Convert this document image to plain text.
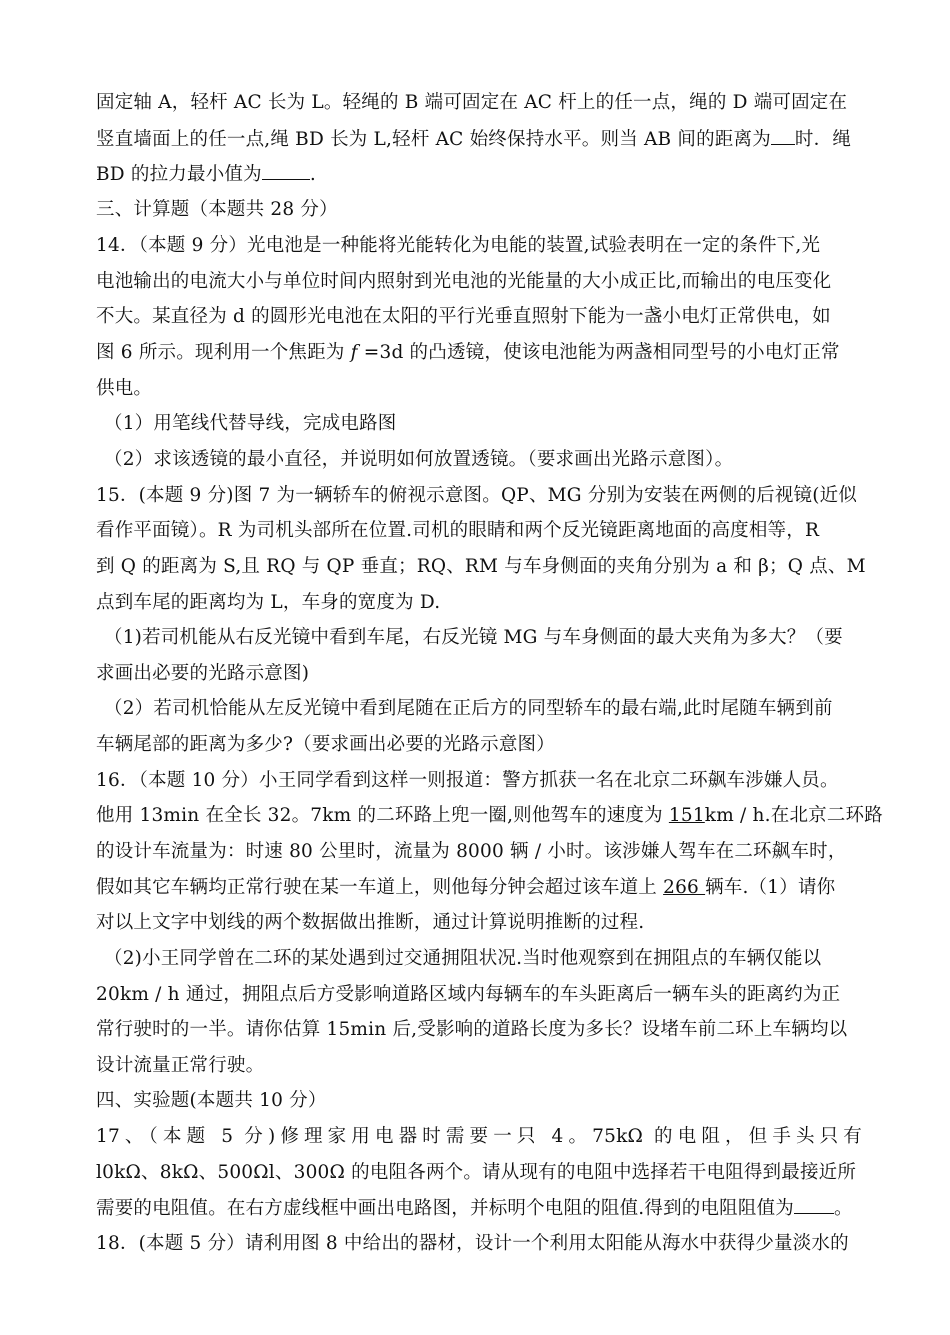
固定轴 A，轻杆 AC 长为 L。轻绳的 B 端可固定在 AC 杆上的任一点，绳的 D 端可固定在
竖直墙面上的任一点,绳 BD 长为 L,轻杆 AC 始终保持水平。则当 AB 间的距离为 时．绳
BD 的拉力最小值为	.
三、计算题（本题共 28 分）
14．（本题 9 分）光电池是一种能将光能转化为电能的装置,试验表明在一定的条件下,光
电池输出的电流大小与单位时间内照射到光电池的光能量的大小成正比,而输出的电压变化
不大。某直径为 d 的圆形光电池在太阳的平行光垂直照射下能为一盏小电灯正常供电，如
图 6 所示。现利用一个焦距为 f =3d 的凸透镜，使该电池能为两盏相同型号的小电灯正常
供电。
（1）用笔线代替导线，完成电路图
（2）求该透镜的最小直径，并说明如何放置透镜。（要求画出光路示意图）。
15．(本题 9 分)图 7 为一辆轿车的俯视示意图。QP、MG 分别为安装在两侧的后视镜(近似
看作平面镜）。R 为司机头部所在位置.司机的眼睛和两个反光镜距离地面的高度相等，R
到 Q 的距离为 S,且 RQ 与 QP 垂直；RQ、RM 与车身侧面的夹角分别为 a 和 β；Q 点、M
点到车尾的距离均为 L，车身的宽度为 D.
（1)若司机能从右反光镜中看到车尾，右反光镜 MG 与车身侧面的最大夹角为多大？（要
求画出必要的光路示意图)
（2）若司机恰能从左反光镜中看到尾随在正后方的同型轿车的最右端,此时尾随车辆到前
车辆尾部的距离为多少?（要求画出必要的光路示意图）
16．（本题 10 分）小王同学看到这样一则报道：警方抓获一名在北京二环飙车涉嫌人员。
他用 13min 在全长 32。7km 的二环路上兜一圈,则他驾车的速度为 151km / h.在北京二环路
的设计车流量为：时速 80 公里时，流量为 8000 辆 / 小时。该涉嫌人驾车在二环飙车时，
假如其它车辆均正常行驶在某一车道上，则他每分钟会超过该车道上 266 辆车.（1）请你
对以上文字中划线的两个数据做出推断，通过计算说明推断的过程.
（2)小王同学曾在二环的某处遇到过交通拥阻状况.当时他观察到在拥阻点的车辆仅能以
20km / h 通过，拥阻点后方受影响道路区域内每辆车的车头距离后一辆车头的距离约为正
常行驶时的一半。请你估算 15min 后,受影响的道路长度为多长？设堵车前二环上车辆均以
设计流量正常行驶。
四、实验题(本题共 10 分）
17、（本题 5 分)修理家用电器时需要一只 4。75kΩ 的电阻，但手头只有
l0kΩ、8kΩ、500Ωl、300Ω 的电阻各两个。请从现有的电阻中选择若干电阻得到最接近所
需要的电阻值。在右方虚线框中画出电路图，并标明个电阻的阻值.得到的电阻阻值为 。
18．(本题 5 分）请利用图 8 中给出的器材，设计一个利用太阳能从海水中获得少量淡水的
